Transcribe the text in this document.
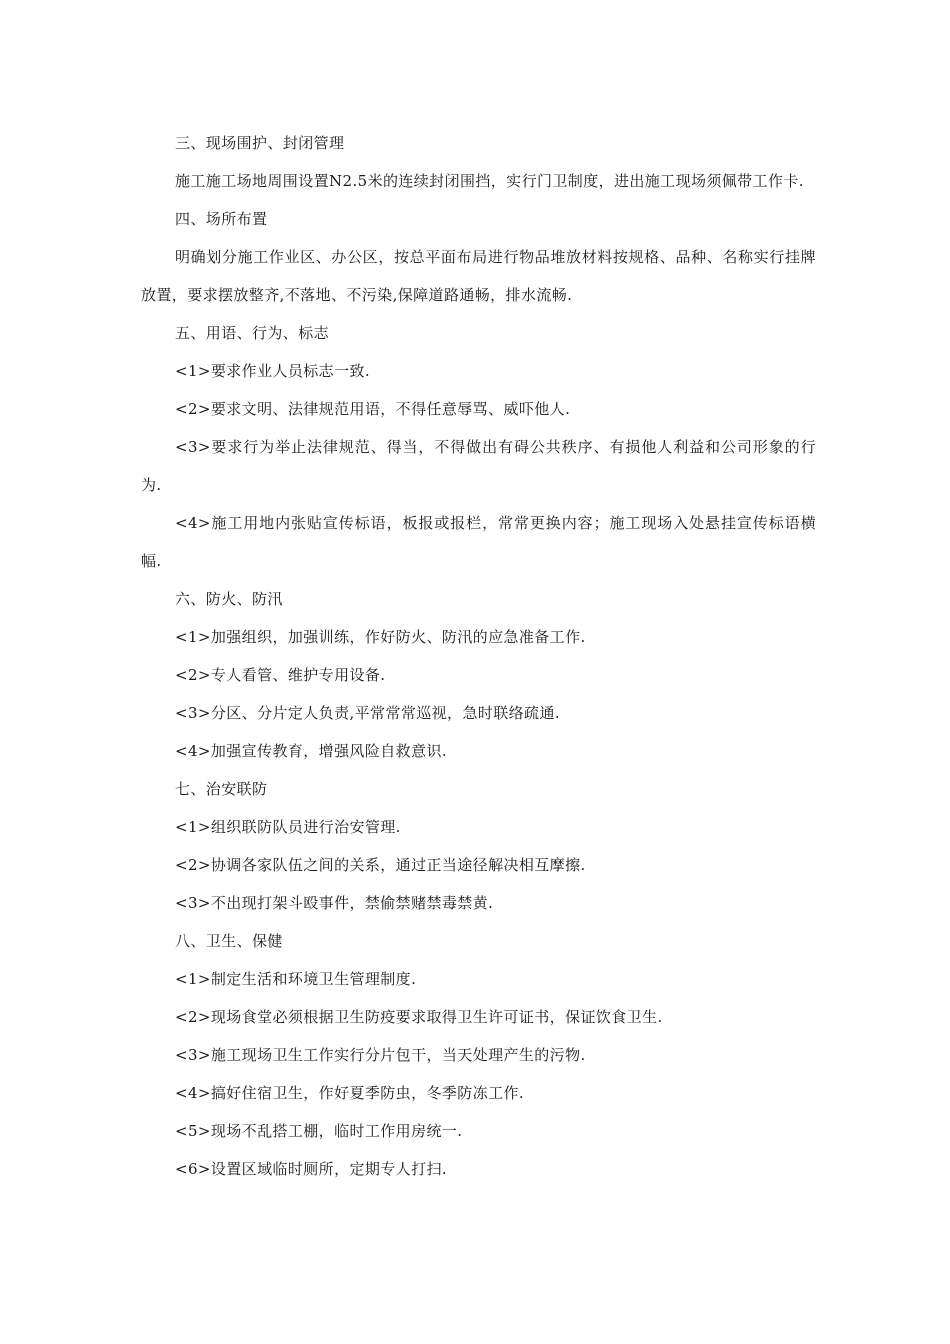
三、现场围护、封闭管理

施工施工场地周围设置N2.5米的连续封闭围挡，实行门卫制度，进出施工现场须佩带工作卡.

四、场所布置

明确划分施工作业区、办公区，按总平面布局进行物品堆放材料按规格、品种、名称实行挂牌放置，要求摆放整齐,不落地、不污染,保障道路通畅，排水流畅.

五、用语、行为、标志

<1>要求作业人员标志一致.

<2>要求文明、法律规范用语，不得任意辱骂、威吓他人.

<3>要求行为举止法律规范、得当，不得做出有碍公共秩序、有损他人利益和公司形象的行为.

<4>施工用地内张贴宣传标语，板报或报栏，常常更换内容；施工现场入处悬挂宣传标语横幅.

六、防火、防汛

<1>加强组织，加强训练，作好防火、防汛的应急准备工作.

<2>专人看管、维护专用设备.

<3>分区、分片定人负责,平常常常巡视，急时联络疏通.

<4>加强宣传教育，增强风险自救意识.

七、治安联防

<1>组织联防队员进行治安管理.

<2>协调各家队伍之间的关系，通过正当途径解决相互摩擦.

<3>不出现打架斗殴事件，禁偷禁赌禁毒禁黄.

八、卫生、保健

<1>制定生活和环境卫生管理制度.

<2>现场食堂必须根据卫生防疫要求取得卫生许可证书，保证饮食卫生.

<3>施工现场卫生工作实行分片包干，当天处理产生的污物.

<4>搞好住宿卫生，作好夏季防虫，冬季防冻工作.

<5>现场不乱搭工棚，临时工作用房统一.

<6>设置区域临时厕所，定期专人打扫.
